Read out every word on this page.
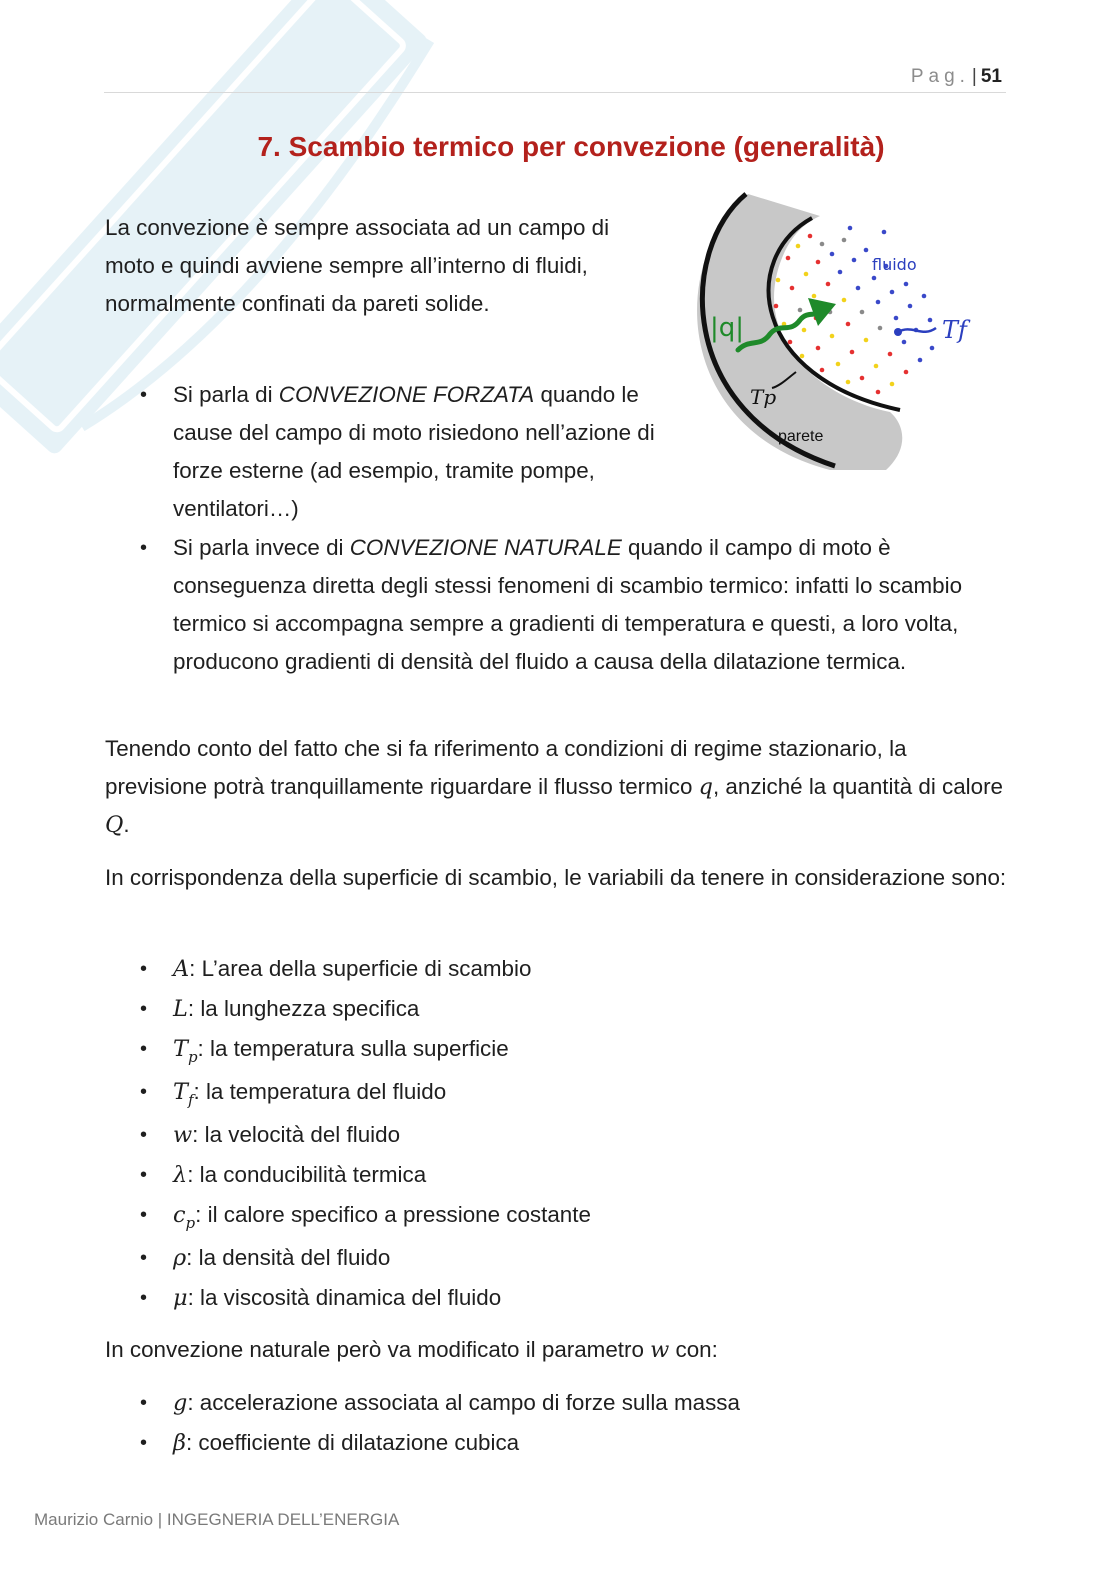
Pag. | 51
7. Scambio termico per convezione (generalità)

La convezione è sempre associata ad un campo di moto e quindi avviene sempre all’interno di fluidi, normalmente confinati da pareti solide.

|q|
fluido
Tf
Tp
parete
• Si parla di CONVEZIONE FORZATA quando le cause del campo di moto risiedono nell’azione di forze esterne (ad esempio, tramite pompe, ventilatori…)
• Si parla invece di CONVEZIONE NATURALE quando il campo di moto è conseguenza diretta degli stessi fenomeni di scambio termico: infatti lo scambio termico si accompagna sempre a gradienti di temperatura e questi, a loro volta, producono gradienti di densità del fluido a causa della dilatazione termica.

Tenendo conto del fatto che si fa riferimento a condizioni di regime stazionario, la previsione potrà tranquillamente riguardare il flusso termico q, anziché la quantità di calore Q.

In corrispondenza della superficie di scambio, le variabili da tenere in considerazione sono:

• A: L’area della superficie di scambio
• L: la lunghezza specifica
• $T_p$: la temperatura sulla superficie
• $T_f$: la temperatura del fluido
• w: la velocità del fluido
• λ: la conducibilità termica
• $c_p$: il calore specifico a pressione costante
• ρ: la densità del fluido
• μ: la viscosità dinamica del fluido

In convezione naturale però va modificato il parametro w con:

• g: accelerazione associata al campo di forze sulla massa
• β: coefficiente di dilatazione cubica
Maurizio Carnio | INGEGNERIA DELL’ENERGIA
